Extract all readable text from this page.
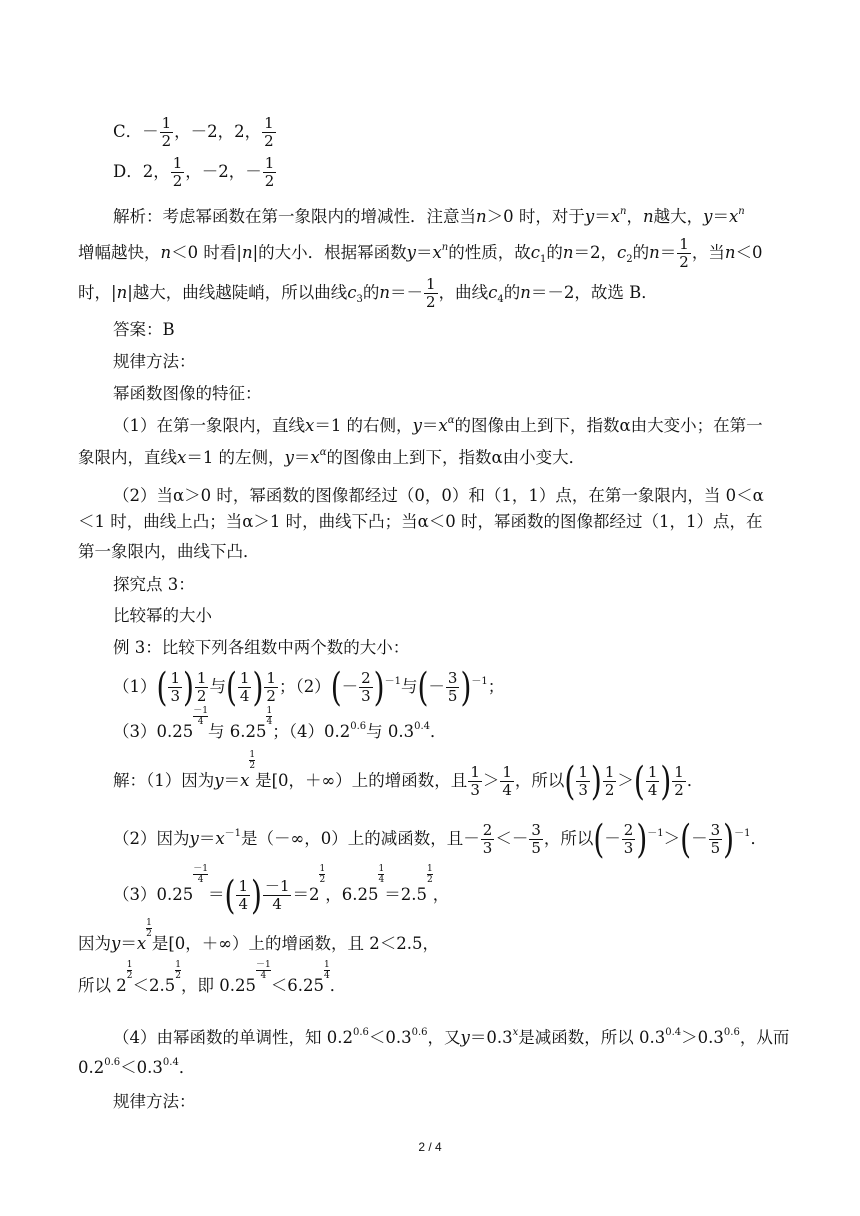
C．－ $\frac{1}{2}$ ，－2，2， $\frac{1}{2}$
D．2， $\frac{1}{2}$ ，－2，－ $\frac{1}{2}$
解析：考虑幂函数在第一象限内的增减性．注意当n＞0 时，对于$y=x^n$，n越大，$y=x^n$
增幅越快，n＜0 时看|n|的大小．根据幂函数$y=x^n$的性质，故$c_1$的n＝2，$c_2$的$n= \frac{1}{2}$ ，当n＜0
时，|n|越大，曲线越陡峭，所以曲线$c_3$的$n=- \frac{1}{2}$ ，曲线$c_4$的n＝－2，故选 B．
答案：B
规律方法：
幂函数图像的特征：
（1）在第一象限内，直线x＝1 的右侧，$y=x^\alpha$的图像由上到下，指数α由大变小；在第一
象限内，直线x＝1 的左侧，$y=x^\alpha$的图像由上到下，指数α由小变大．
（2）当α＞0 时，幂函数的图像都经过（0，0）和（1，1）点，在第一象限内，当 0＜α
＜1 时，曲线上凸；当α＞1 时，曲线下凸；当α＜0 时，幂函数的图像都经过（1，1）点，在
第一象限内，曲线下凸．
探究点 3：
比较幂的大小
例 3：比较下列各组数中两个数的大小：
$(1)( \frac{1}{3}$ ) $\frac{1}{2}$ 与( $\frac{1}{4}$ ) $\frac{1}{2}$ ；$(2)(- \frac{2}{3} )^{-1}$与(－ $\frac{3}{5} )^{-1}$；
（3）0.25
$\frac{-1}{4}$与 6.25
$\frac{1}{4}$；$(4)0.2^{0.6}$与 $0.3^{0.4}$．
解：（1）因为y＝x
$\frac{1}{2}$是[0，＋∞）上的增函数，且 $\frac{1}{3} > \frac{1}{4}$ ，所以( $\frac{1}{3}$ ) $\frac{1}{2}$ ＞( $\frac{1}{4}$ ) $\frac{1}{2}$ ．
（2）因为$y=x^{-1}$是（－∞，0）上的减函数，且－ $\frac{2}{3} <- \frac{3}{5}$ ，所以(－ $\frac{2}{3} )^{-1}>(- \frac{3}{5} )^{-1}$．
（3）0.25
$\frac{-1}{4}=( \frac{1}{4}$ ) $\frac{-1}{4} =2$
$\frac{1}{2}$，6.25
$\frac{1}{4}=2.5$
$\frac{1}{2}$，
因为y＝x
$\frac{1}{2}$是[0，＋∞）上的增函数，且 2＜2.5，
所以 2
$\frac{1}{2}<2.5$
$\frac{1}{2}$，即 0.25
$\frac{-1}{4}<6.25$
$\frac{1}{4}$．
（4）由幂函数的单调性，知 $0.2^{0.6}<0.3^{0.6}$，又$y=0.3^x$是减函数，所以 $0.3^{0.4}>0.3^{0.6}$，从而
$0.2^{0.6}<0.3^{0.4}$．
规律方法：
2 / 4
